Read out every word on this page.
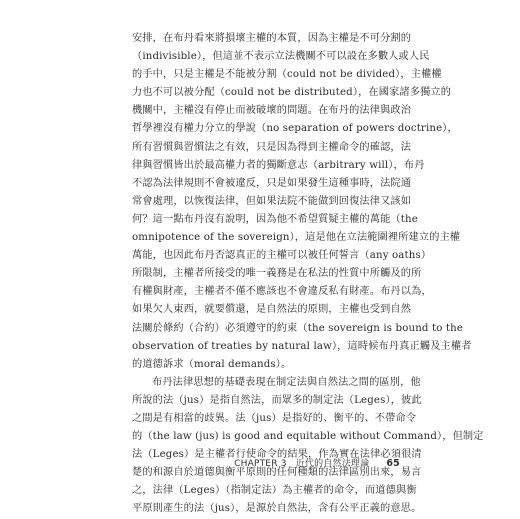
安排，在布丹看來將損壞主權的本質，因為主權是不可分割的
（indivisible），但這並不表示立法機關不可以設在多數人或人民
的手中，只是主權是不能被分割（could not be divided），主權權
力也不可以被分配（could not be distributed），在國家諸多獨立的
機關中，主權沒有停止而被破壞的問題。在布丹的法律與政治
哲學裡沒有權力分立的學說（no separation of powers doctrine），
所有習慣與習慣法之有效，只是因為得到主權命令的確認，法
律與習慣皆出於最高權力者的獨斷意志（arbitrary will），布丹
不認為法律規則不會被違反，只是如果發生這種事時，法院通
常會處理，以恢復法律，但如果法院不能做到回復法律又該如
何？這一點布丹沒有說明，因為他不希望質疑主權的萬能（the
omnipotence of the sovereign），這是他在立法範圍裡所建立的主權
萬能，也因此布丹否認真正的主權可以被任何誓言（any oaths）
所限制，主權者所接受的唯一義務是在私法的性質中所觸及的所
有權與財產，主權者不僅不應該也不會違反私有財產。布丹以為，
如果欠人東西，就要償還，是自然法的原則，主權也受到自然
法關於條約（合約）必須遵守的約束（the sovereign is bound to the
observation of treaties by natural law），這時候布丹真正觸及主權者
的道德訴求（moral demands）。
布丹法律思想的基礎表現在制定法與自然法之間的區別，他
所說的法（jus）是指自然法，而眾多的制定法（Leges），彼此
之間是有相當的歧異。法（jus）是指好的、衡平的、不帶命令
的（the law (jus) is good and equitable without Command），但制定
法（Leges）是主權者行使命令的結果，作為實在法律必須很清
楚的和源自於道德與衡平原則的任何種類的法律區別出來，易言
之，法律（Leges）（指制定法）為主權者的命令，而道德與衡
平原則產生的法（jus），是源於自然法，含有公平正義的意思。
CHAPTER 3 近代的自然法理論 65
